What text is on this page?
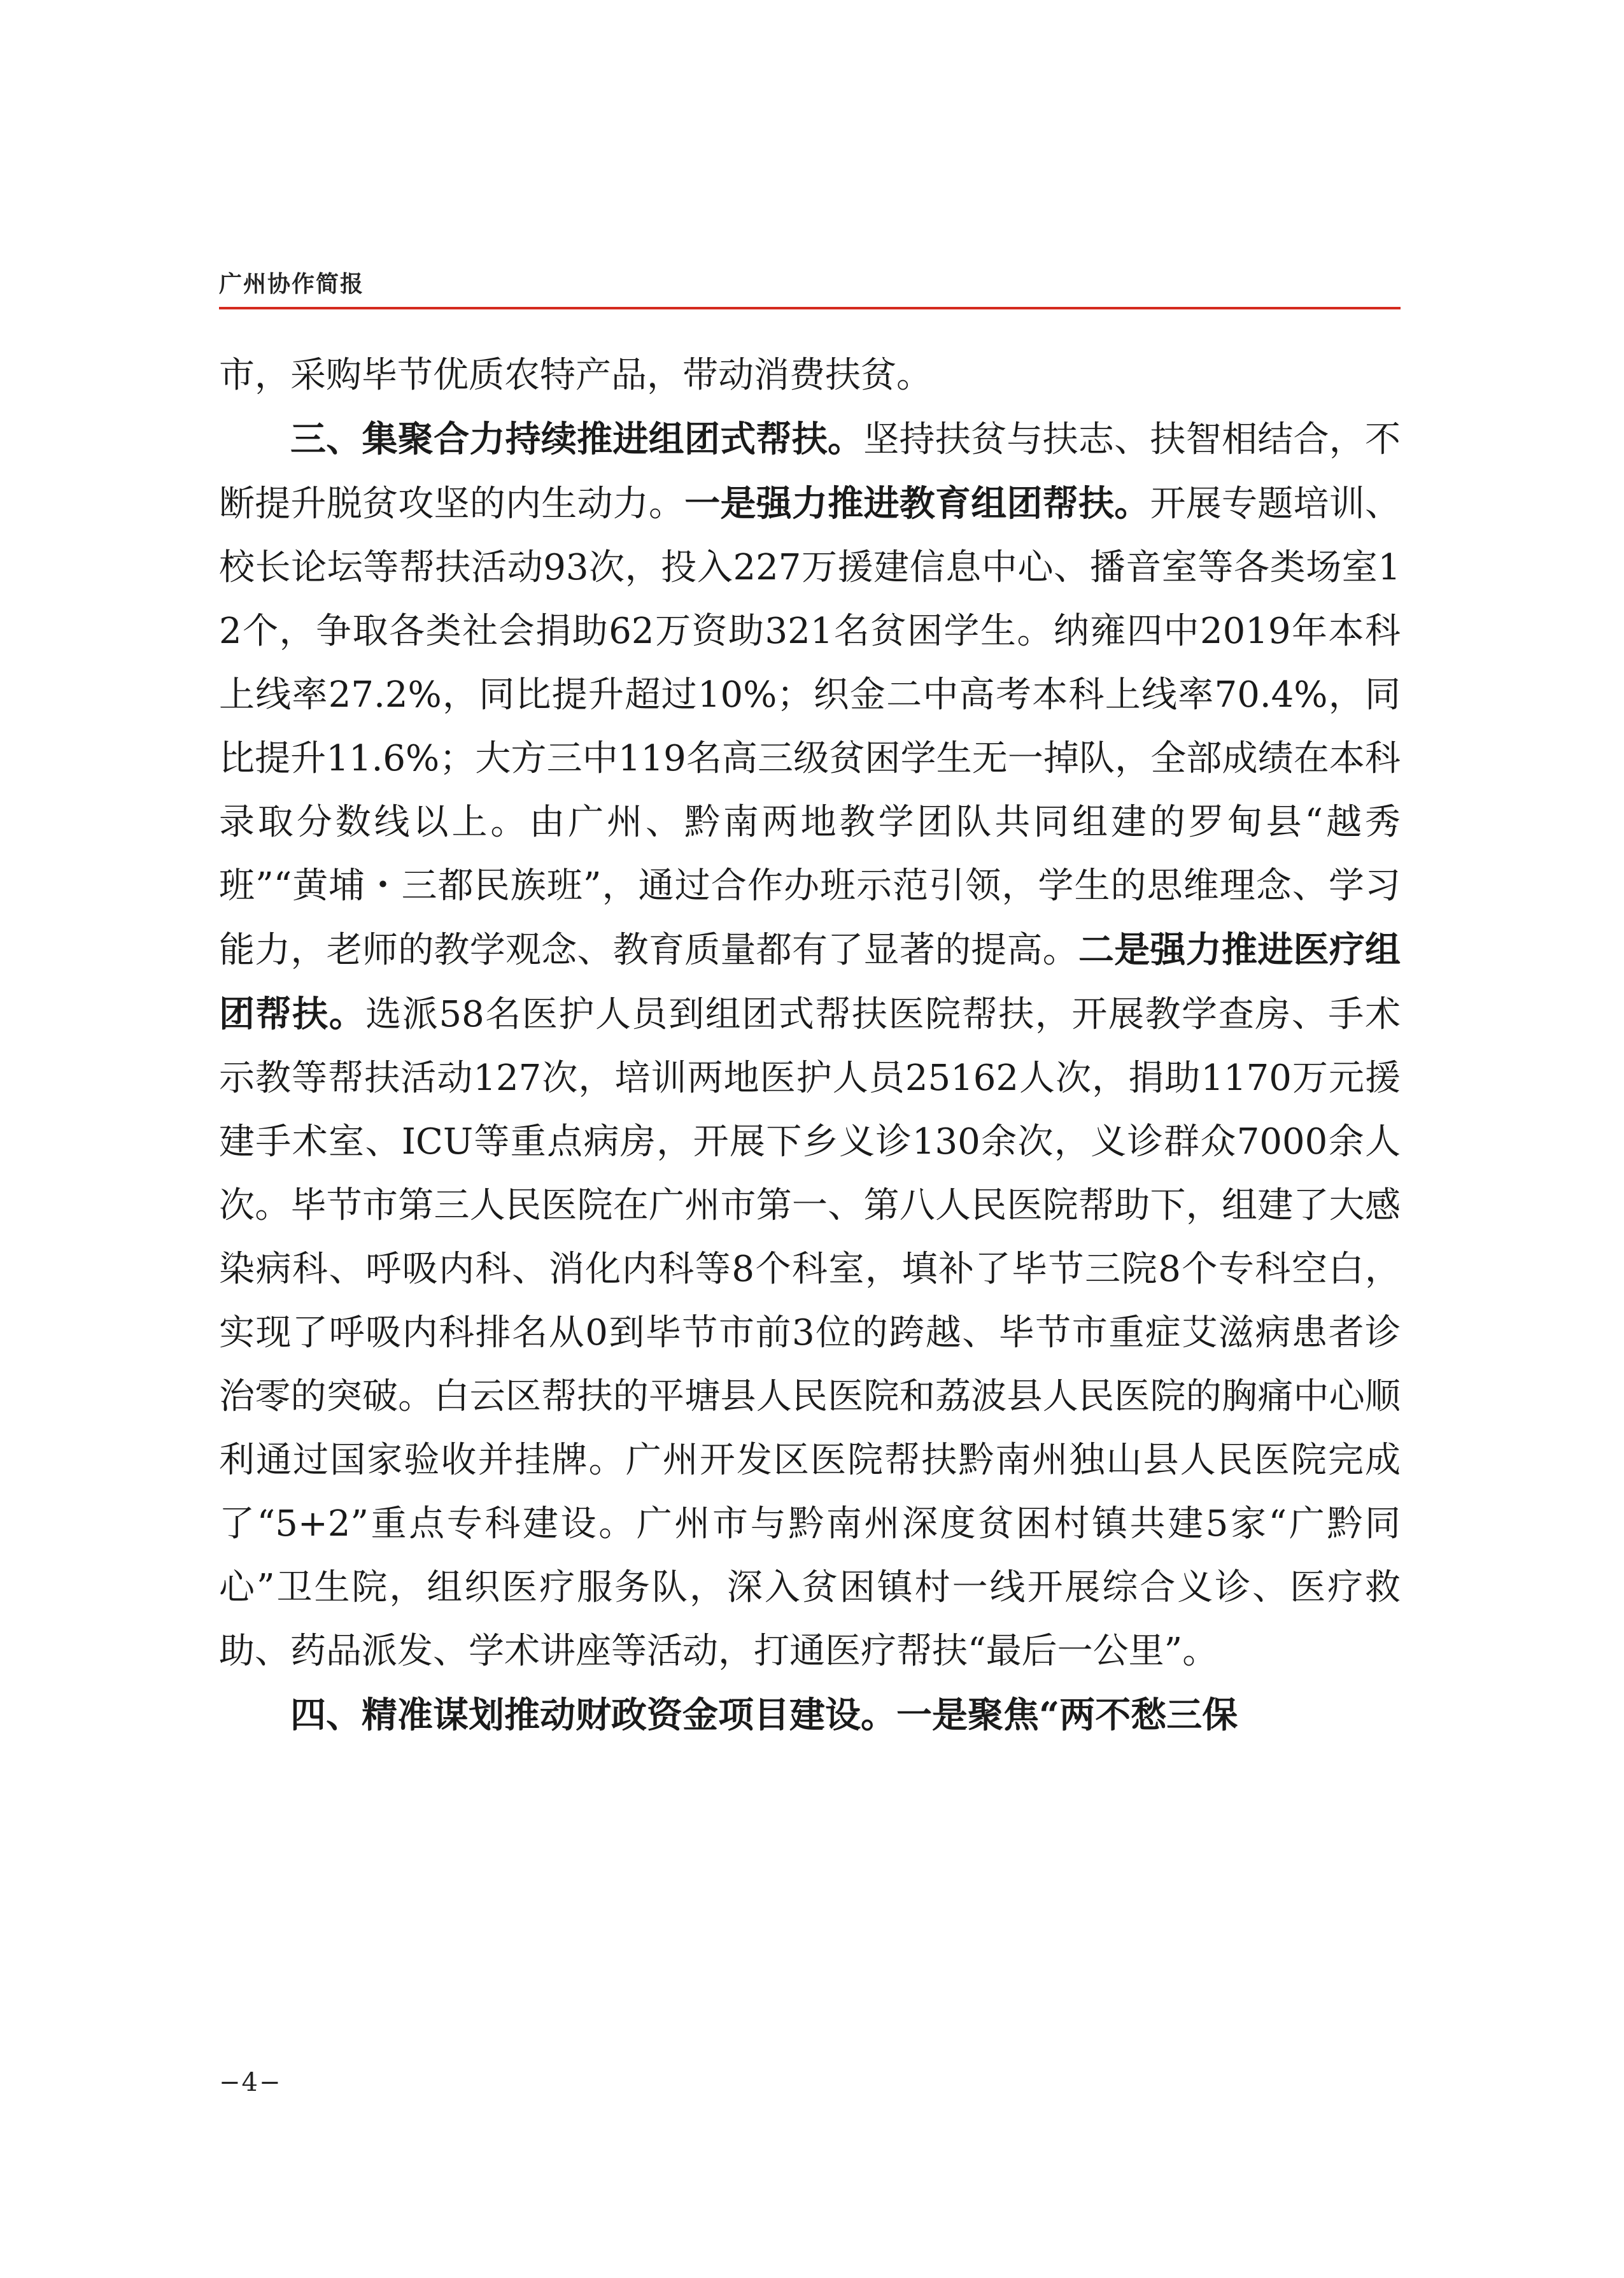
广州协作简报

市，采购毕节优质农特产品，带动消费扶贫。

三、集聚合力持续推进组团式帮扶。坚持扶贫与扶志、扶智相结合，不断提升脱贫攻坚的内生动力。一是强力推进教育组团帮扶。开展专题培训、校长论坛等帮扶活动93次，投入227万援建信息中心、播音室等各类场室12个，争取各类社会捐助62万资助321名贫困学生。纳雍四中2019年本科上线率27.2%，同比提升超过10%；织金二中高考本科上线率70.4%，同比提升11.6%；大方三中119名高三级贫困学生无一掉队，全部成绩在本科录取分数线以上。由广州、黔南两地教学团队共同组建的罗甸县“越秀班”“黄埔・三都民族班”，通过合作办班示范引领，学生的思维理念、学习能力，老师的教学观念、教育质量都有了显著的提高。二是强力推进医疗组团帮扶。选派58名医护人员到组团式帮扶医院帮扶，开展教学查房、手术示教等帮扶活动127次，培训两地医护人员25162人次，捐助1170万元援建手术室、ICU等重点病房，开展下乡义诊130余次，义诊群众7000余人次。毕节市第三人民医院在广州市第一、第八人民医院帮助下，组建了大感染病科、呼吸内科、消化内科等8个科室，填补了毕节三院8个专科空白，实现了呼吸内科排名从0到毕节市前3位的跨越、毕节市重症艾滋病患者诊治零的突破。白云区帮扶的平塘县人民医院和荔波县人民医院的胸痛中心顺利通过国家验收并挂牌。广州开发区医院帮扶黔南州独山县人民医院完成了“5+2”重点专科建设。广州市与黔南州深度贫困村镇共建5家“广黔同心”卫生院，组织医疗服务队，深入贫困镇村一线开展综合义诊、医疗救助、药品派发、学术讲座等活动，打通医疗帮扶“最后一公里”。

四、精准谋划推动财政资金项目建设。一是聚焦“两不愁三保

−4−
